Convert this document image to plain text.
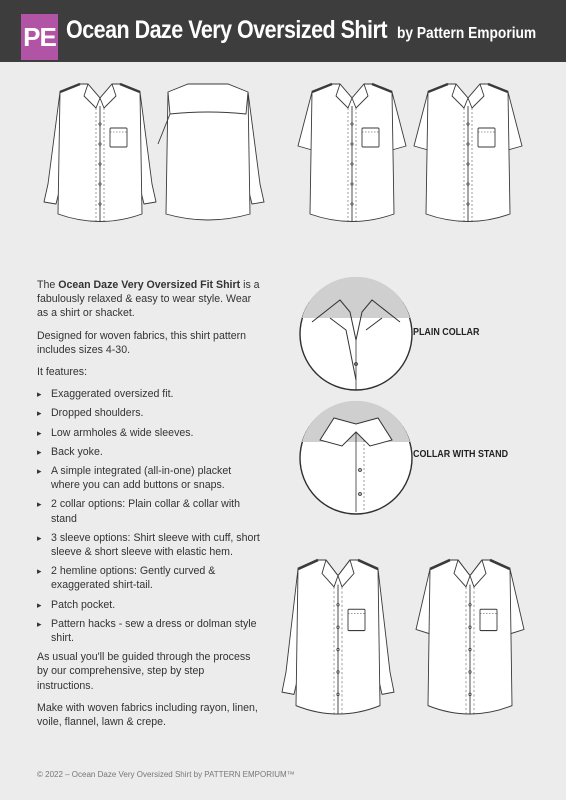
PE Ocean Daze Very Oversized Shirt by Pattern Emporium
PLAIN COLLAR
COLLAR WITH STAND

The Ocean Daze Very Oversized Fit Shirt is a fabulously relaxed & easy to wear style. Wear as a shirt or shacket.

Designed for woven fabrics, this shirt pattern includes sizes 4-30.

It features:

▸ Exaggerated oversized fit.
▸ Dropped shoulders.
▸ Low armholes & wide sleeves.
▸ Back yoke.
▸ A simple integrated (all-in-one) placket where you can add buttons or snaps.
▸ 2 collar options: Plain collar & collar with stand
▸ 3 sleeve options: Shirt sleeve with cuff, short sleeve & short sleeve with elastic hem.
▸ 2 hemline options: Gently curved & exaggerated shirt-tail.
▸ Patch pocket.
▸ Pattern hacks - sew a dress or dolman style shirt.

As usual you'll be guided through the process by our comprehensive, step by step instructions.

Make with woven fabrics including rayon, linen, voile, flannel, lawn & crepe.

© 2022 – Ocean Daze Very Oversized Shirt by PATTERN EMPORIUM™
